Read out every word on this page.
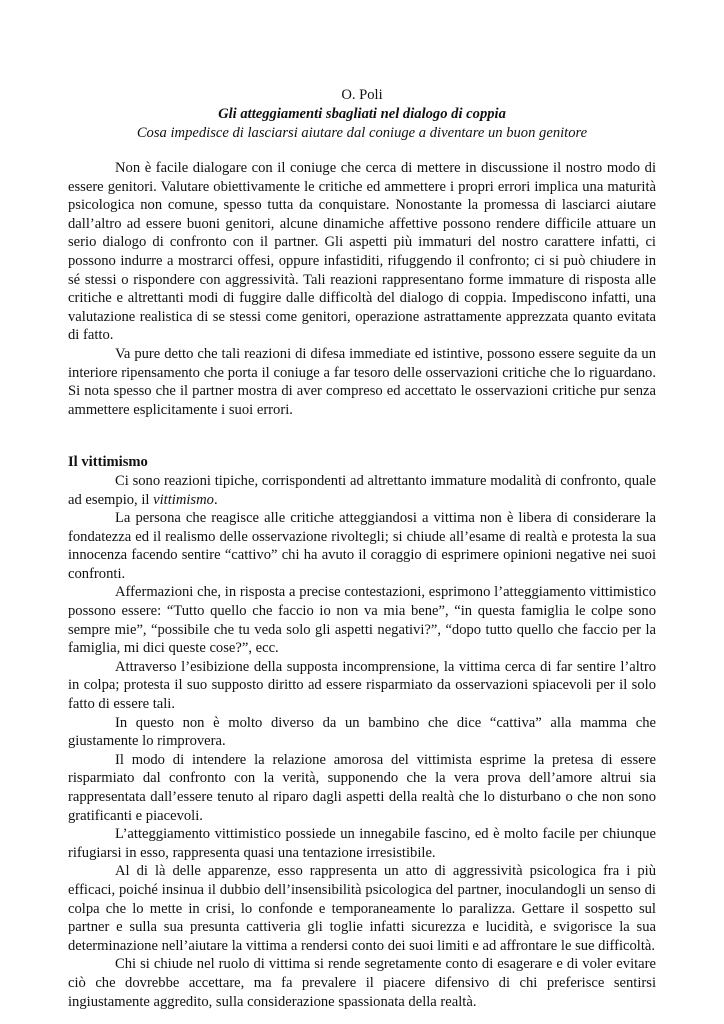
O. Poli
Gli atteggiamenti sbagliati nel dialogo di coppia
Cosa impedisce di lasciarsi aiutare dal coniuge a diventare un buon genitore

Non è facile dialogare con il coniuge che cerca di mettere in discussione il nostro modo di essere genitori. Valutare obiettivamente le critiche ed ammettere i propri errori implica una maturità psicologica non comune, spesso tutta da conquistare. Nonostante la promessa di lasciarci aiutare dall’altro ad essere buoni genitori, alcune dinamiche affettive possono rendere difficile attuare un serio dialogo di confronto con il partner. Gli aspetti più immaturi del nostro carattere infatti, ci possono indurre a mostrarci offesi, oppure infastiditi, rifuggendo il confronto; ci si può chiudere in sé stessi o rispondere con aggressività. Tali reazioni rappresentano forme immature di risposta alle critiche e altrettanti modi di fuggire dalle difficoltà del dialogo di coppia. Impediscono infatti, una valutazione realistica di se stessi come genitori, operazione astrattamente apprezzata quanto evitata di fatto.

Va pure detto che tali reazioni di difesa immediate ed istintive, possono essere seguite da un interiore ripensamento che porta il coniuge a far tesoro delle osservazioni critiche che lo riguardano. Si nota spesso che il partner mostra di aver compreso ed accettato le osservazioni critiche pur senza ammettere esplicitamente i suoi errori.

Il vittimismo

Ci sono reazioni tipiche, corrispondenti ad altrettanto immature modalità di confronto, quale ad esempio, il vittimismo.

La persona che reagisce alle critiche atteggiandosi a vittima non è libera di considerare la fondatezza ed il realismo delle osservazione rivoltegli; si chiude all’esame di realtà e protesta la sua innocenza facendo sentire “cattivo” chi ha avuto il coraggio di esprimere opinioni negative nei suoi confronti.

Affermazioni che, in risposta a precise contestazioni, esprimono l’atteggiamento vittimistico possono essere: “Tutto quello che faccio io non va mia bene”, “in questa famiglia le colpe sono sempre mie”, “possibile che tu veda solo gli aspetti negativi?”, “dopo tutto quello che faccio per la famiglia, mi dici queste cose?”, ecc.

Attraverso l’esibizione della supposta incomprensione, la vittima cerca di far sentire l’altro in colpa; protesta il suo supposto diritto ad essere risparmiato da osservazioni spiacevoli per il solo fatto di essere tali.

In questo non è molto diverso da un bambino che dice “cattiva” alla mamma che giustamente lo rimprovera.

Il modo di intendere la relazione amorosa del vittimista esprime la pretesa di essere risparmiato dal confronto con la verità, supponendo che la vera prova dell’amore altrui sia rappresentata dall’essere tenuto al riparo dagli aspetti della realtà che lo disturbano o che non sono gratificanti e piacevoli.

L’atteggiamento vittimistico possiede un innegabile fascino, ed è molto facile per chiunque rifugiarsi in esso, rappresenta quasi una tentazione irresistibile.

Al di là delle apparenze, esso rappresenta un atto di aggressività psicologica fra i più efficaci, poiché insinua il dubbio dell’insensibilità psicologica del partner, inoculandogli un senso di colpa che lo mette in crisi, lo confonde e temporaneamente lo paralizza. Gettare il sospetto sul partner e sulla sua presunta cattiveria gli toglie infatti sicurezza e lucidità, e svigorisce la sua determinazione nell’aiutare la vittima a rendersi conto dei suoi limiti e ad affrontare le sue difficoltà.

Chi si chiude nel ruolo di vittima si rende segretamente conto di esagerare e di voler evitare ciò che dovrebbe accettare, ma fa prevalere il piacere difensivo di chi preferisce sentirsi ingiustamente aggredito, sulla considerazione spassionata della realtà.
